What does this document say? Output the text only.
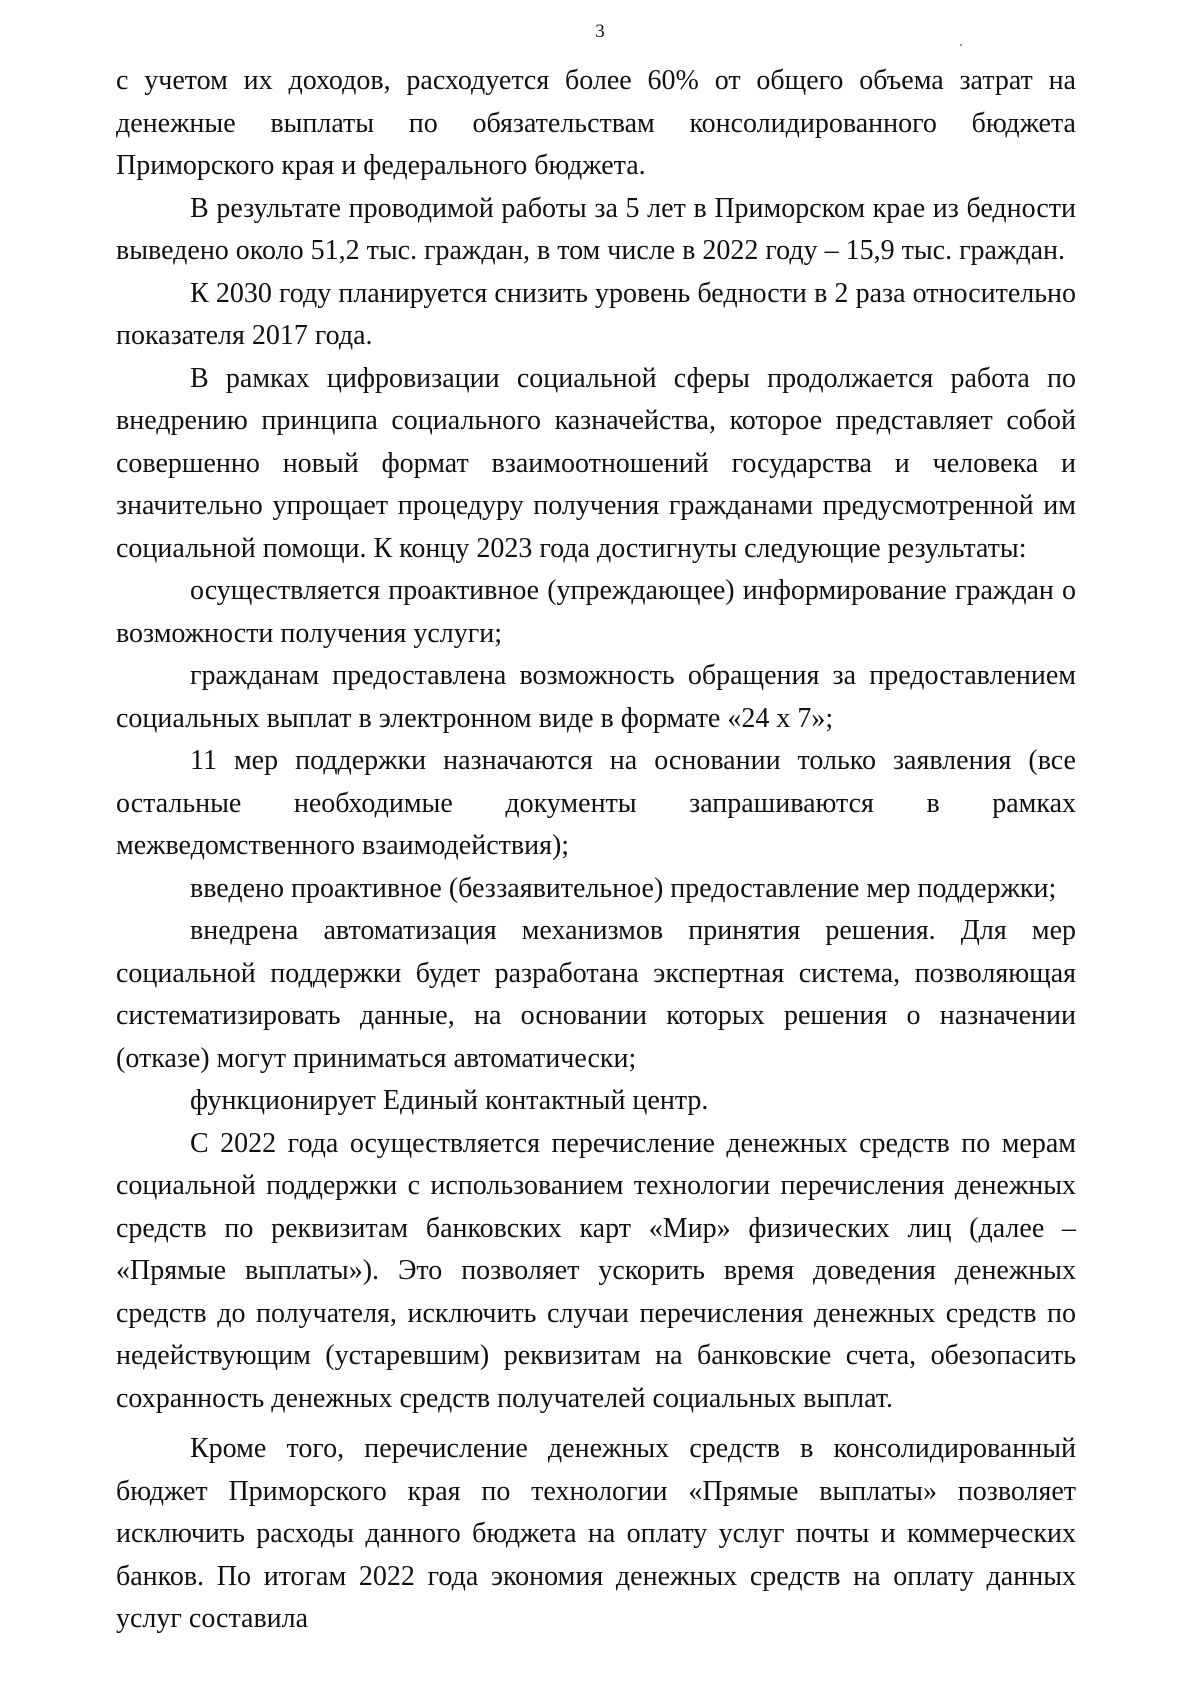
3

с учетом их доходов, расходуется более 60% от общего объема затрат на денежные выплаты по обязательствам консолидированного бюджета Приморского края и федерального бюджета.

В результате проводимой работы за 5 лет в Приморском крае из бедности выведено около 51,2 тыс. граждан, в том числе в 2022 году – 15,9 тыс. граждан.

К 2030 году планируется снизить уровень бедности в 2 раза относительно показателя 2017 года.

В рамках цифровизации социальной сферы продолжается работа по внедрению принципа социального казначейства, которое представляет собой совершенно новый формат взаимоотношений государства и человека и значительно упрощает процедуру получения гражданами предусмотренной им социальной помощи. К концу 2023 года достигнуты следующие результаты:

осуществляется проактивное (упреждающее) информирование граждан о возможности получения услуги;

гражданам предоставлена возможность обращения за предоставлением социальных выплат в электронном виде в формате «24 х 7»;

11 мер поддержки назначаются на основании только заявления (все остальные необходимые документы запрашиваются в рамках межведомственного взаимодействия);

введено проактивное (беззаявительное) предоставление мер поддержки;

внедрена автоматизация механизмов принятия решения. Для мер социальной поддержки будет разработана экспертная система, позволяющая систематизировать данные, на основании которых решения о назначении (отказе) могут приниматься автоматически;

функционирует Единый контактный центр.

С 2022 года осуществляется перечисление денежных средств по мерам социальной поддержки с использованием технологии перечисления денежных средств по реквизитам банковских карт «Мир» физических лиц (далее – «Прямые выплаты»). Это позволяет ускорить время доведения денежных средств до получателя, исключить случаи перечисления денежных средств по недействующим (устаревшим) реквизитам на банковские счета, обезопасить сохранность денежных средств получателей социальных выплат.

Кроме того, перечисление денежных средств в консолидированный бюджет Приморского края по технологии «Прямые выплаты» позволяет исключить расходы данного бюджета на оплату услуг почты и коммерческих банков. По итогам 2022 года экономия денежных средств на оплату данных услуг составила
